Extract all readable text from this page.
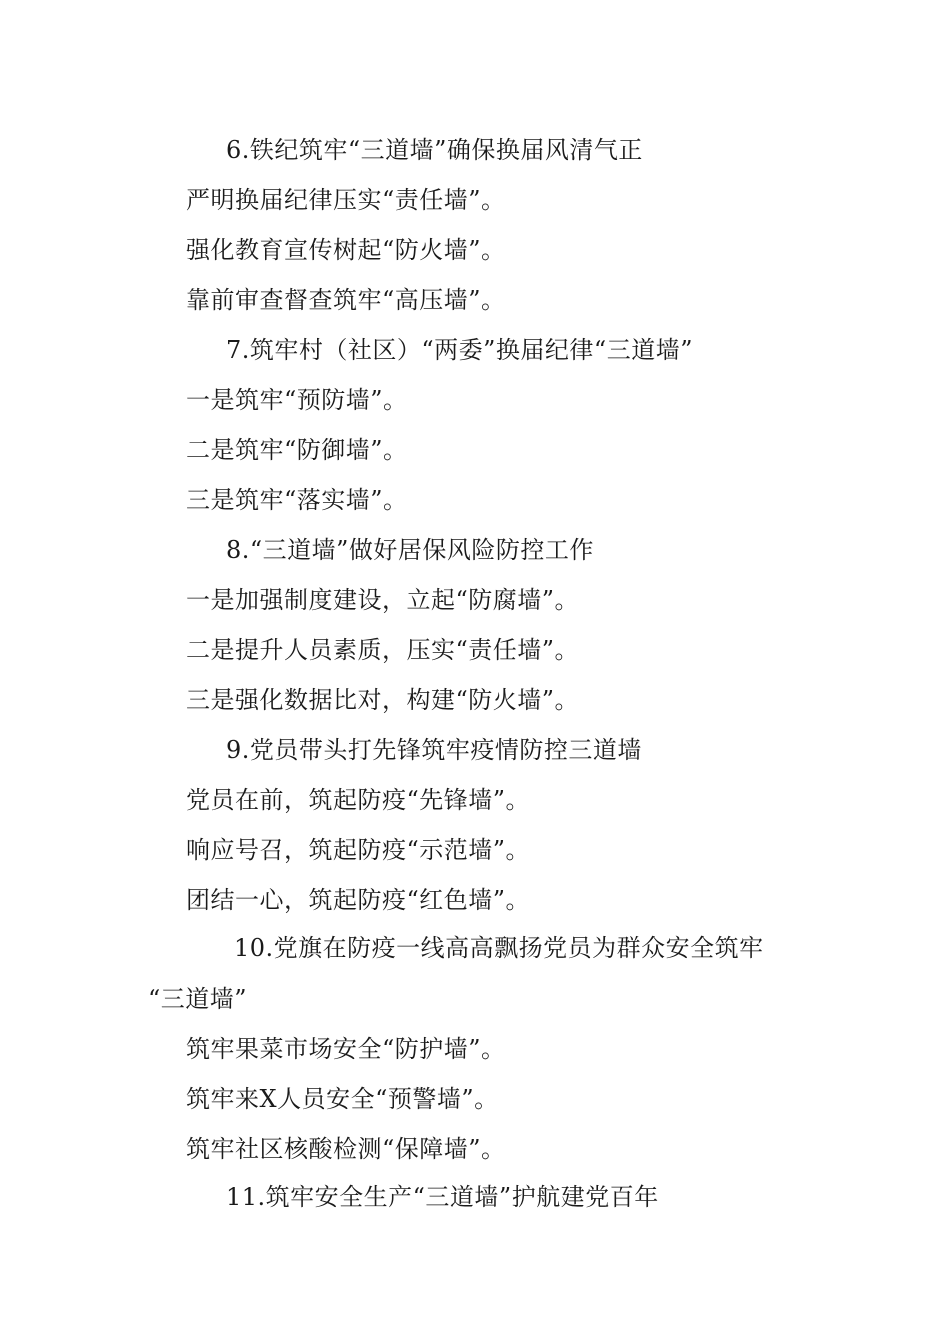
6.铁纪筑牢“三道墙”确保换届风清气正
严明换届纪律压实“责任墙”。
强化教育宣传树起“防火墙”。
靠前审查督查筑牢“高压墙”。
7.筑牢村（社区）“两委”换届纪律“三道墙”
一是筑牢“预防墙”。
二是筑牢“防御墙”。
三是筑牢“落实墙”。
8.“三道墙”做好居保风险防控工作
一是加强制度建设，立起“防腐墙”。
二是提升人员素质，压实“责任墙”。
三是强化数据比对，构建“防火墙”。
9.党员带头打先锋筑牢疫情防控三道墙
党员在前，筑起防疫“先锋墙”。
响应号召，筑起防疫“示范墙”。
团结一心，筑起防疫“红色墙”。
10.党旗在防疫一线高高飘扬党员为群众安全筑牢
“三道墙”
筑牢果菜市场安全“防护墙”。
筑牢来X人员安全“预警墙”。
筑牢社区核酸检测“保障墙”。
11.筑牢安全生产“三道墙”护航建党百年
